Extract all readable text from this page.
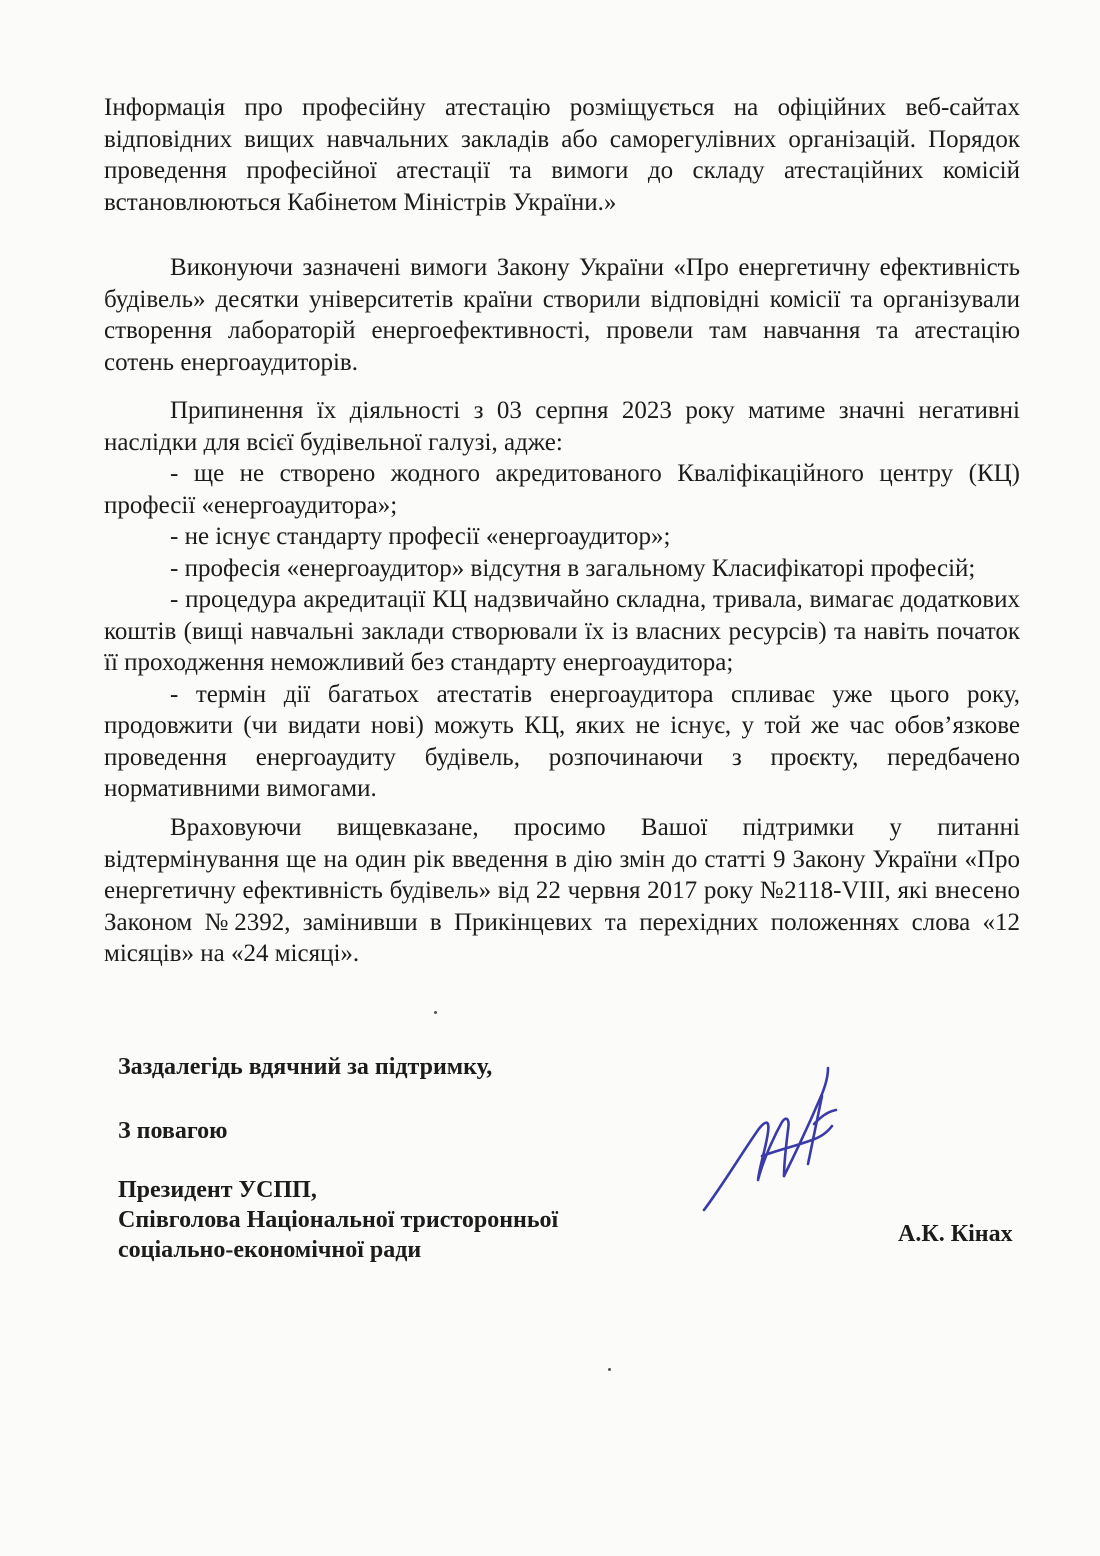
Інформація про професійну атестацію розміщується на офіційних веб-сайтах відповідних вищих навчальних закладів або саморегулівних організацій. Порядок проведення професійної атестації та вимоги до складу атестаційних комісій встановлюються Кабінетом Міністрів України.»

Виконуючи зазначені вимоги Закону України «Про енергетичну ефективність будівель» десятки університетів країни створили відповідні комісії та організували створення лабораторій енергоефективності, провели там навчання та атестацію сотень енергоаудиторів.

Припинення їх діяльності з 03 серпня 2023 року матиме значні негативні наслідки для всієї будівельної галузі, адже:

- ще не створено жодного акредитованого Кваліфікаційного центру (КЦ) професії «енергоаудитора»;
- не існує стандарту професії «енергоаудитор»;
- професія «енергоаудитор» відсутня в загальному Класифікаторі професій;
- процедура акредитації КЦ надзвичайно складна, тривала, вимагає додаткових коштів (вищі навчальні заклади створювали їх із власних ресурсів) та навіть початок її проходження неможливий без стандарту енергоаудитора;
- термін дії багатьох атестатів енергоаудитора спливає уже цього року, продовжити (чи видати нові) можуть КЦ, яких не існує, у той же час обов’язкове проведення енергоаудиту будівель, розпочинаючи з проєкту, передбачено нормативними вимогами.

Враховуючи вищевказане, просимо Вашої підтримки у питанні відтермінування ще на один рік введення в дію змін до статті 9 Закону України «Про енергетичну ефективність будівель» від 22 червня 2017 року №2118-VIII, які внесено Законом №2392, замінивши в Прикінцевих та перехідних положеннях слова «12 місяців» на «24 місяці».

Заздалегідь вдячний за підтримку,

З повагою

Президент УСПП,
Співголова Національної тристоронньої
соціально-економічної ради
А.К. Кінах
